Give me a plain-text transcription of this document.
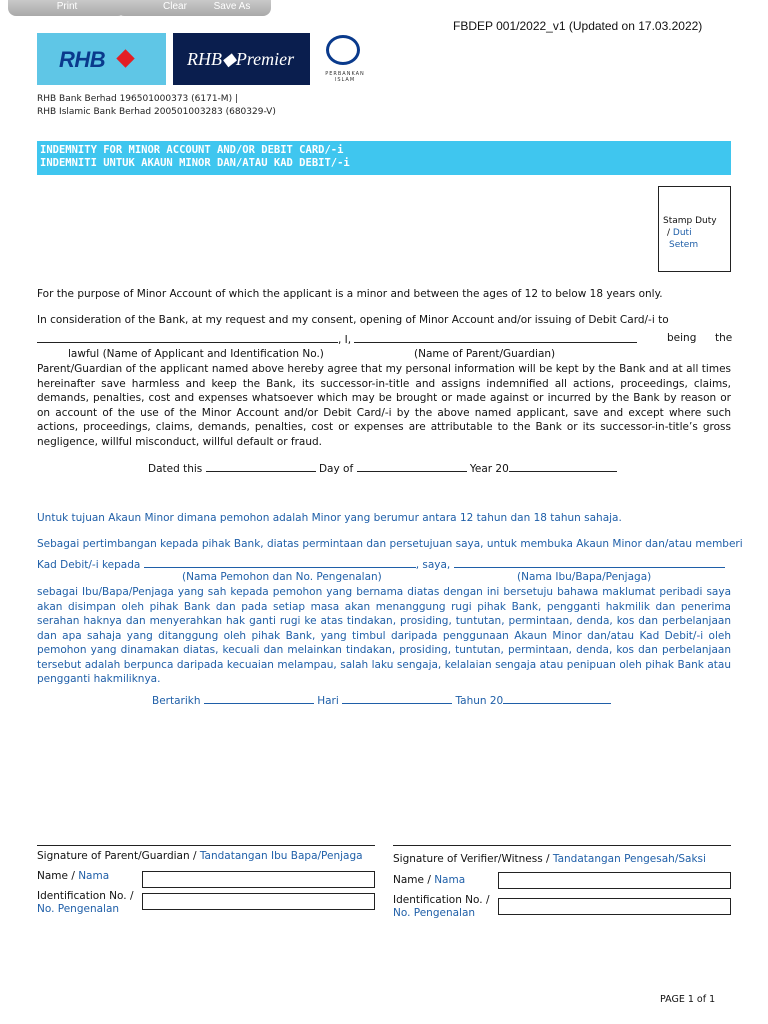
Print	Clear	Save As
FBDEP 001/2022_v1 (Updated on 17.03.2022)
RHB	RHB◆Premier
PERBANKAN ISLAM
RHB Bank Berhad 196501000373 (6171-M) |
RHB Islamic Bank Berhad 200501003283 (680329-V)
INDEMNITY FOR MINOR ACCOUNT AND/OR DEBIT CARD/-i
INDEMNITI UNTUK AKAUN MINOR DAN/ATAU KAD DEBIT/-i
Stamp Duty
/ Duti
Setem
For the purpose of Minor Account of which the applicant is a minor and between the ages of 12 to below 18 years only.
In consideration of the Bank, at my request and my consent, opening of Minor Account and/or issuing of Debit Card/-i to
, I,	being the
lawful (Name of Applicant and Identification No.)	(Name of Parent/Guardian)
Parent/Guardian of the applicant named above hereby agree that my personal information will be kept by the Bank and at all times hereinafter save harmless and keep the Bank, its successor-in-title and assigns indemnified all actions, proceedings, claims, demands, penalties, cost and expenses whatsoever which may be brought or made against or incurred by the Bank by reason or on account of the use of the Minor Account and/or Debit Card/-i by the above named applicant, save and except where such actions, proceedings, claims, demands, penalties, cost or expenses are attributable to the Bank or its successor-in-title’s gross negligence, willful misconduct, willful default or fraud.
Dated this	Day of	Year 20
Untuk tujuan Akaun Minor dimana pemohon adalah Minor yang berumur antara 12 tahun dan 18 tahun sahaja.
Sebagai pertimbangan kepada pihak Bank, diatas permintaan dan persetujuan saya, untuk membuka Akaun Minor dan/atau memberi
Kad Debit/-i kepada	, saya,
(Nama Pemohon dan No. Pengenalan)	(Nama Ibu/Bapa/Penjaga)
sebagai Ibu/Bapa/Penjaga yang sah kepada pemohon yang bernama diatas dengan ini bersetuju bahawa maklumat peribadi saya akan disimpan oleh pihak Bank dan pada setiap masa akan menanggung rugi pihak Bank, pengganti hakmilik dan penerima serahan haknya dan menyerahkan hak ganti rugi ke atas tindakan, prosiding, tuntutan, permintaan, denda, kos dan perbelanjaan dan apa sahaja yang ditanggung oleh pihak Bank, yang timbul daripada penggunaan Akaun Minor dan/atau Kad Debit/-i oleh pemohon yang dinamakan diatas, kecuali dan melainkan tindakan, prosiding, tuntutan, permintaan, denda, kos dan perbelanjaan tersebut adalah berpunca daripada kecuaian melampau, salah laku sengaja, kelalaian sengaja atau penipuan oleh pihak Bank atau pengganti hakmiliknya.
Bertarikh	Hari	Tahun 20
Signature of Parent/Guardian / Tandatangan Ibu Bapa/Penjaga
Name / Nama
Identification No. /
No. Pengenalan
Signature of Verifier/Witness / Tandatangan Pengesah/Saksi
Name / Nama
Identification No. /
No. Pengenalan
PAGE 1 of 1
